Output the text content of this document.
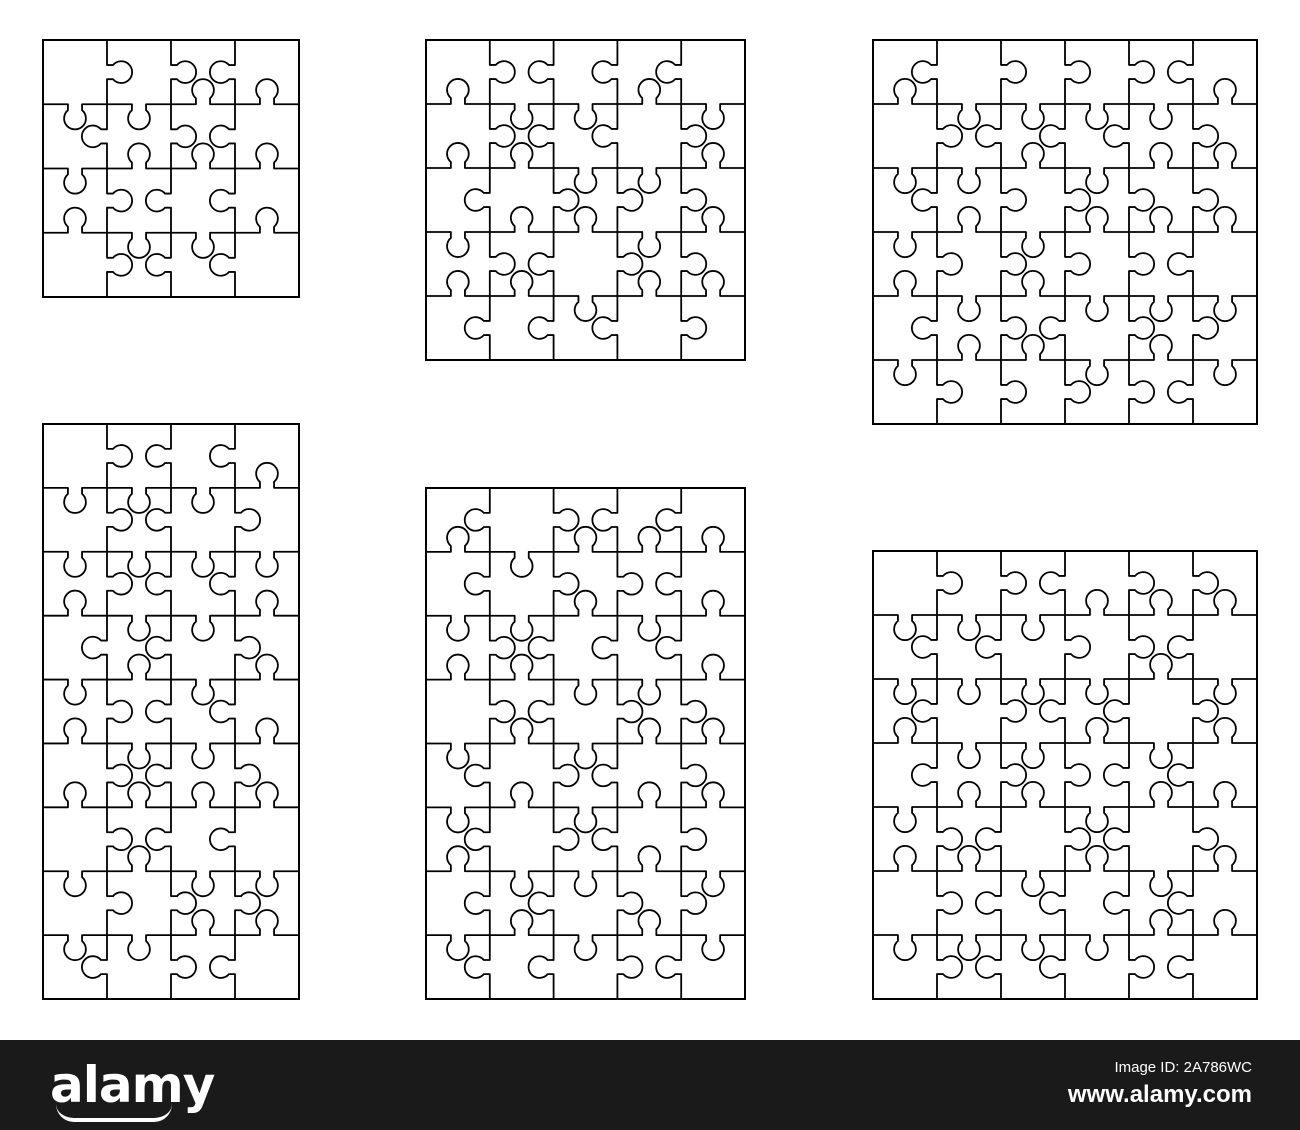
alamy	Image ID: 2A786WC
www.alamy.com
